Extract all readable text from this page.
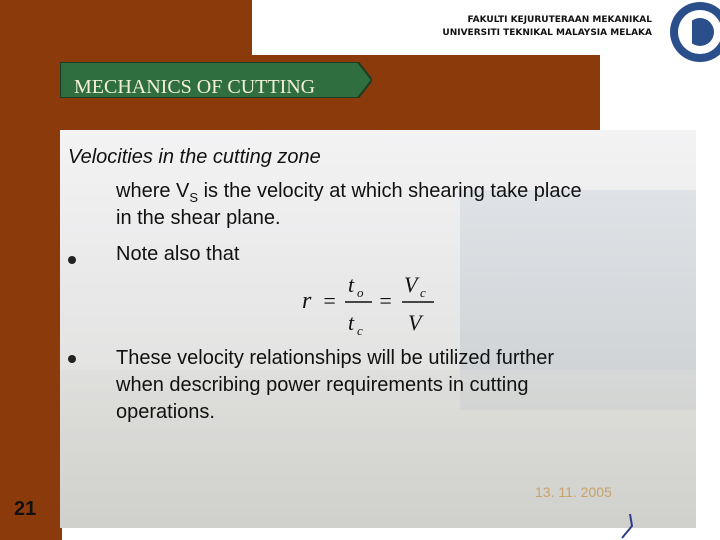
FAKULTI KEJURUTERAAN MEKANIKAL
UNIVERSITI TEKNIKAL MALAYSIA MELAKA
MECHANICS OF CUTTING
Velocities in the cutting zone
where $V_S$ is the velocity at which shearing take place
in the shear plane.
Note also that
r =
t o
t c
=
V c
V
These velocity relationships will be utilized further
when describing power requirements in cutting
operations.
13. 11. 2005
21
